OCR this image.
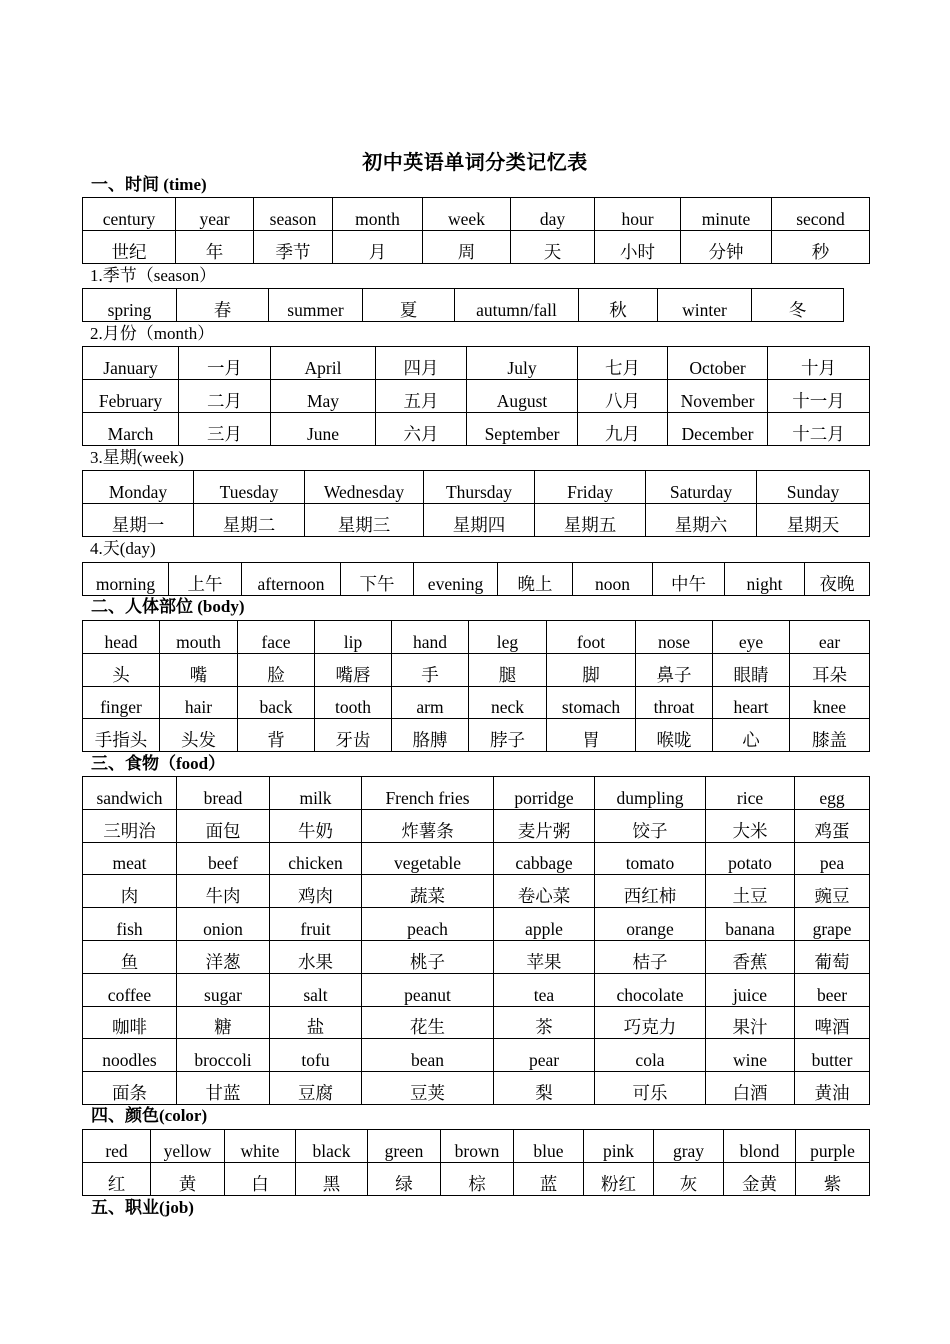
初中英语单词分类记忆表
一、时间 (time)
century	year	season	month	week	day	hour	minute	second
世纪	年	季节	月	周	天	小时	分钟	秒
1.季节（season）
spring	春	summer	夏	autumn/fall	秋	winter	冬
2.月份（month）
January	一月	April	四月	July	七月	October	十月
February	二月	May	五月	August	八月	November	十一月
March	三月	June	六月	September	九月	December	十二月
3.星期(week)
Monday	Tuesday	Wednesday	Thursday	Friday	Saturday	Sunday
星期一	星期二	星期三	星期四	星期五	星期六	星期天
4.天(day)
morning	上午	afternoon	下午	evening	晚上	noon	中午	night	夜晚
二、人体部位 (body)
head	mouth	face	lip	hand	leg	foot	nose	eye	ear
头	嘴	脸	嘴唇	手	腿	脚	鼻子	眼睛	耳朵
finger	hair	back	tooth	arm	neck	stomach	throat	heart	knee
手指头	头发	背	牙齿	胳膊	脖子	胃	喉咙	心	膝盖
三、食物（food）
sandwich	bread	milk	French fries	porridge	dumpling	rice	egg
三明治	面包	牛奶	炸薯条	麦片粥	饺子	大米	鸡蛋
meat	beef	chicken	vegetable	cabbage	tomato	potato	pea
肉	牛肉	鸡肉	蔬菜	卷心菜	西红柿	土豆	豌豆
fish	onion	fruit	peach	apple	orange	banana	grape
鱼	洋葱	水果	桃子	苹果	桔子	香蕉	葡萄
coffee	sugar	salt	peanut	tea	chocolate	juice	beer
咖啡	糖	盐	花生	茶	巧克力	果汁	啤酒
noodles	broccoli	tofu	bean	pear	cola	wine	butter
面条	甘蓝	豆腐	豆荚	梨	可乐	白酒	黄油
四、颜色(color)
red	yellow	white	black	green	brown	blue	pink	gray	blond	purple
红	黄	白	黑	绿	棕	蓝	粉红	灰	金黄	紫
五、职业(job)
